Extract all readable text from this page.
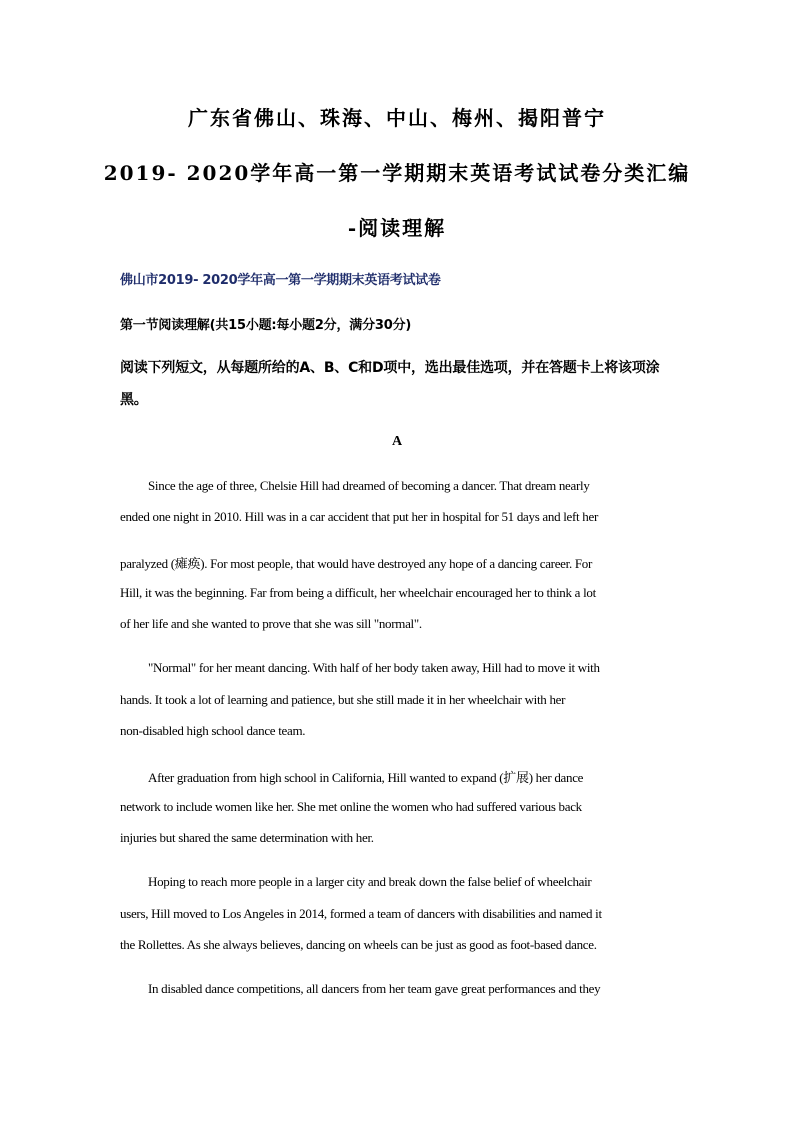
广东省佛山、珠海、中山、梅州、揭阳普宁
2019- 2020学年高一第一学期期末英语考试试卷分类汇编
-阅读理解
佛山市2019- 2020学年高一第一学期期末英语考试试卷
第一节阅读理解(共15小题:每小题2分，满分30分)
阅读下列短文，从每题所给的A、B、C和D项中，选出最佳选项，并在答题卡上将该项涂
黑。
A
Since the age of three, Chelsie Hill had dreamed of becoming a dancer. That dream nearly
ended one night in 2010. Hill was in a car accident that put her in hospital for 51 days and left her
paralyzed (瘫痪). For most people, that would have destroyed any hope of a dancing career. For
Hill, it was the beginning. Far from being a difficult, her wheelchair encouraged her to think a lot
of her life and she wanted to prove that she was sill "normal".
"Normal" for her meant dancing. With half of her body taken away, Hill had to move it with
hands. It took a lot of learning and patience, but she still made it in her wheelchair with her
non-disabled high school dance team.
After graduation from high school in California, Hill wanted to expand (扩展) her dance
network to include women like her. She met online the women who had suffered various back
injuries but shared the same determination with her.
Hoping to reach more people in a larger city and break down the false belief of wheelchair
users, Hill moved to Los Angeles in 2014, formed a team of dancers with disabilities and named it
the Rollettes. As she always believes, dancing on wheels can be just as good as foot-based dance.
In disabled dance competitions, all dancers from her team gave great performances and they
